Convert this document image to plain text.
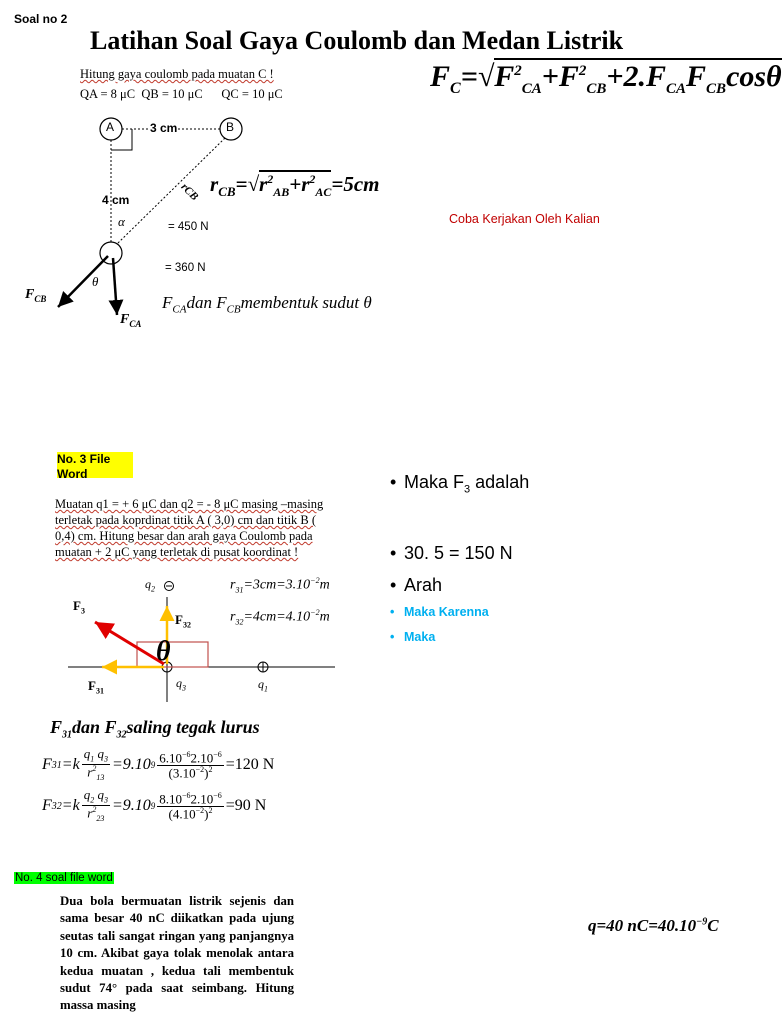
Soal no 2
Latihan Soal Gaya Coulomb dan Medan Listrik
Hitung gaya coulomb pada muatan C !
QA = 8 μC QB = 10 μC QC = 10 μC
$F_C=√F^2_{CA}+F^2_{CB}+2.F_{CA}F_{CB}\cos\theta$
A	B
3 cm
4 cm
α
θ
rCB $r_{CB}=√r^2_{AB}+r^2_{AC}=5cm$
= 450 N
= 360 N
$F_{CB}$
$F_{CA}$
$F_{CA}dan$ $F_{CB}membentuk$ sudut θ
Coba Kerjakan Oleh Kalian
No. 3 File
Word
Muatan q1 = + 6 μC dan q2 = - 8 μC masing –masing
terletak pada koprdinat titik A ( 3,0) cm dan titik B (
0,4) cm. Hitung besar dan arah gaya Coulomb pada
muatan + 2 μC yang terletak di pusat koordinat !
$F_3$
$F_{32}$
$F_{31}$
$q_2$
$q_3$	$q_1$
θ
$r_{31}=3cm=3.10^{-2}m$
$r_{32}=4cm=4.10^{-2}m$
$F_{31}dan$ $F_{32}saling$ tegak lurus
F $31 =k \frac{q_1 q_3}{r^2_{13}} =9.10$ $9 \frac{6.10^{-6}2.10^{-6}}{(3.10^{-2})^2} =120$ N
F $32 =k \frac{q_2 q_3}{r^2_{23}} =9.10$ $9 \frac{8.10^{-6}2.10^{-6}}{(4.10^{-2})^2} =90$ N
• Maka $F_3$ adalah
• 30. 5 = 150 N
• Arah
• Maka Karenna
• Maka
No. 4 soal file word
Dua bola bermuatan listrik sejenis dan sama besar 40 nC diikatkan pada ujung seutas tali sangat ringan yang panjangnya 10 cm. Akibat gaya tolak menolak antara kedua muatan , kedua tali membentuk sudut 74° pada saat seimbang. Hitung massa masing
q=40 $nC=40.10^{-9}C$
